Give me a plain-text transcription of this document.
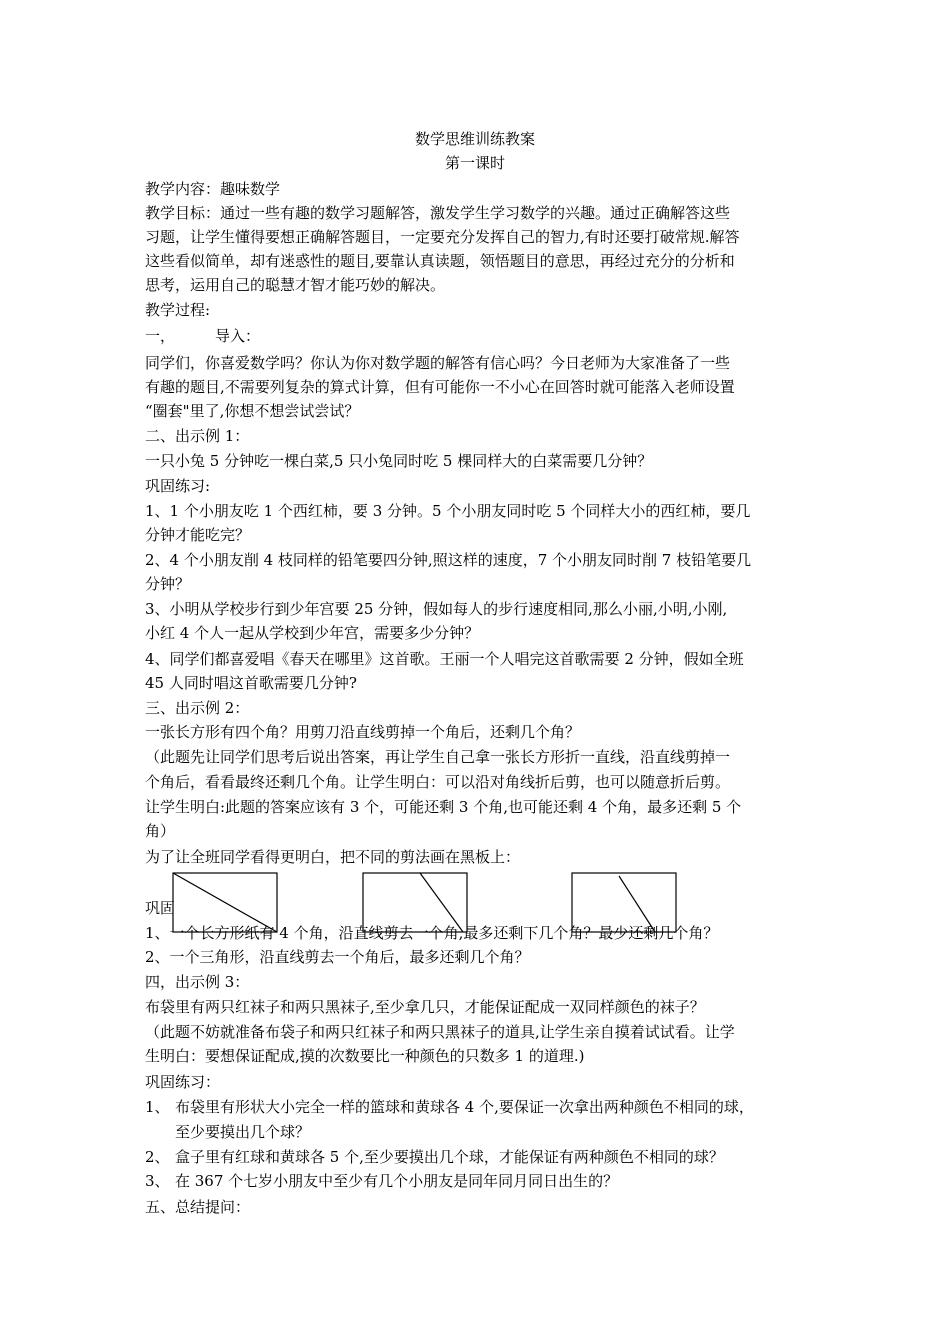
数学思维训练教案
第一课时
教学内容：趣味数学
教学目标：通过一些有趣的数学习题解答，激发学生学习数学的兴趣。通过正确解答这些
习题，让学生懂得要想正确解答题目，一定要充分发挥自己的智力,有时还要打破常规.解答
这些看似简单，却有迷惑性的题目,要靠认真读题，领悟题目的意思，再经过充分的分析和
思考，运用自己的聪慧才智才能巧妙的解决。
教学过程:
一，	导入：
同学们，你喜爱数学吗？你认为你对数学题的解答有信心吗？今日老师为大家准备了一些
有趣的题目,不需要列复杂的算式计算，但有可能你一不小心在回答时就可能落入老师设置
“圈套"里了,你想不想尝试尝试？
二、出示例 1：
一只小兔 5 分钟吃一棵白菜,5 只小兔同时吃 5 棵同样大的白菜需要几分钟？
巩固练习:
1、1 个小朋友吃 1 个西红柿，要 3 分钟。5 个小朋友同时吃 5 个同样大小的西红柿，要几
分钟才能吃完？
2、4 个小朋友削 4 枝同样的铅笔要四分钟,照这样的速度，7 个小朋友同时削 7 枝铅笔要几
分钟？
3、小明从学校步行到少年宫要 25 分钟，假如每人的步行速度相同,那么小丽,小明,小刚,
小红 4 个人一起从学校到少年宫，需要多少分钟？
4、同学们都喜爱唱《春天在哪里》这首歌。王丽一个人唱完这首歌需要 2 分钟，假如全班
45 人同时唱这首歌需要几分钟?
三、出示例 2：
一张长方形有四个角？用剪刀沿直线剪掉一个角后，还剩几个角？
（此题先让同学们思考后说出答案，再让学生自己拿一张长方形折一直线，沿直线剪掉一
个角后，看看最终还剩几个角。让学生明白：可以沿对角线折后剪，也可以随意折后剪。
让学生明白:此题的答案应该有 3 个，可能还剩 3 个角,也可能还剩 4 个角，最多还剩 5 个
角）
为了让全班同学看得更明白，把不同的剪法画在黑板上：
巩固
1、一个长方形纸有 4 个角，沿直线剪去一个角,最多还剩下几个角？最少还剩几个角？
2、一个三角形，沿直线剪去一个角后，最多还剩几个角？
四，出示例 3：
布袋里有两只红袜子和两只黑袜子,至少拿几只，才能保证配成一双同样颜色的袜子？
（此题不妨就准备布袋子和两只红袜子和两只黑袜子的道具,让学生亲自摸着试试看。让学
生明白：要想保证配成,摸的次数要比一种颜色的只数多 1 的道理.)
巩固练习：
1、 布袋里有形状大小完全一样的篮球和黄球各 4 个,要保证一次拿出两种颜色不相同的球，
至少要摸出几个球？
2、 盒子里有红球和黄球各 5 个,至少要摸出几个球，才能保证有两种颜色不相同的球？
3、 在 367 个七岁小朋友中至少有几个小朋友是同年同月同日出生的？
五、总结提问：
